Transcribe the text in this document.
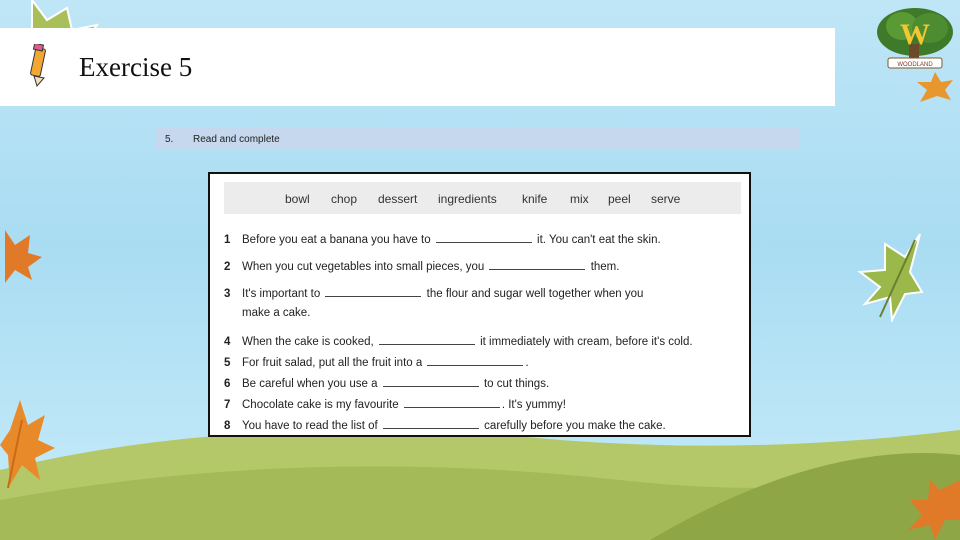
Exercise 5
W
WOODLAND
5. Read and complete
bowl chop dessert ingredients knife mix peel serve
1 Before you eat a banana you have to	it. You can't eat the skin.
2 When you cut vegetables into small pieces, you	them.
3 It's important to	the flour and sugar well together when you
make a cake.
4 When the cake is cooked,	it immediately with cream, before it's cold.
5 For fruit salad, put all the fruit into a	.
6 Be careful when you use a	to cut things.
7 Chocolate cake is my favourite	. It's yummy!
8 You have to read the list of	carefully before you make the cake.
